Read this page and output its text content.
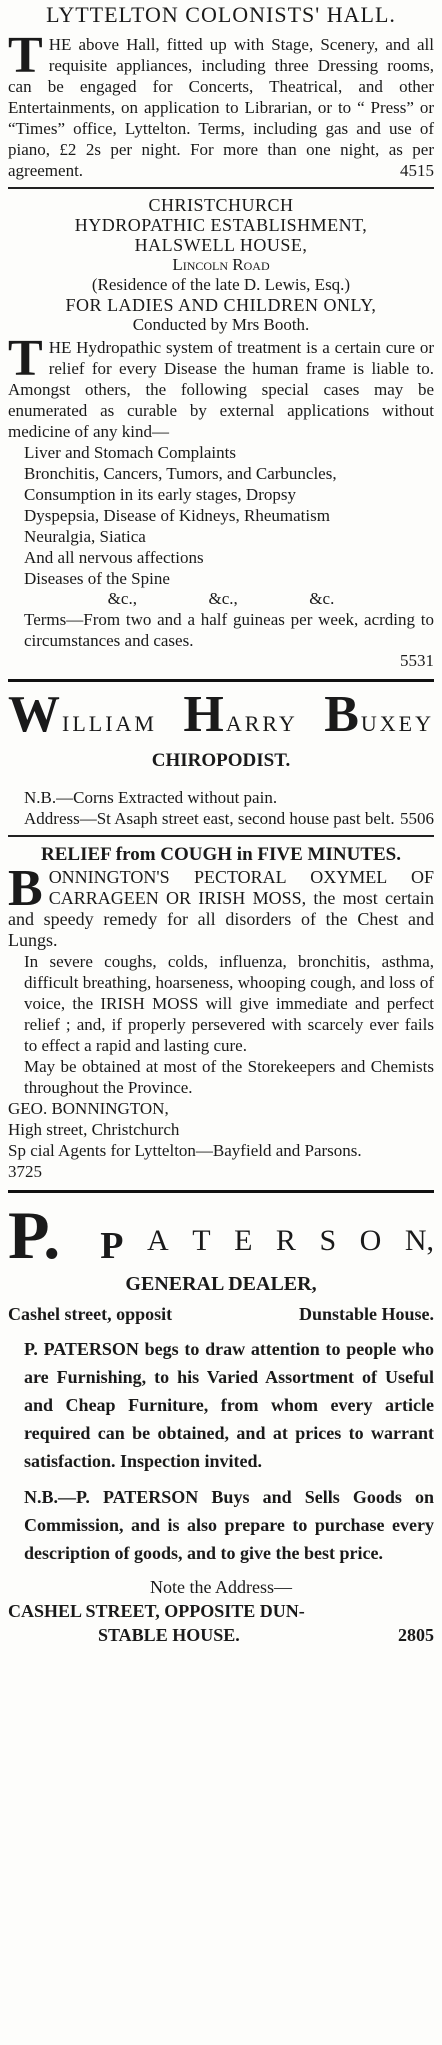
LYTTELTON COLONISTS' HALL.
THE above Hall, fitted up with Stage, Scenery, and all requisite appliances, including three Dressing rooms, can be engaged for Concerts, Theatrical, and other Entertainments, on application to Librarian, or to “ Press” or “Times” office, Lyttelton. Terms, including gas and use of piano, £2 2s per night. For more than one night, as per agreement.	4515
CHRISTCHURCH
HYDROPATHIC ESTABLISHMENT,
HALSWELL HOUSE,
Lincoln Road
(Residence of the late D. Lewis, Esq.)
FOR LADIES AND CHILDREN ONLY,
Conducted by Mrs Booth.
THE Hydropathic system of treatment is a certain cure or relief for every Disease the human frame is liable to. Amongst others, the following special cases may be enumerated as curable by external applications without medicine of any kind—
Liver and Stomach Complaints
Bronchitis, Cancers, Tumors, and Carbuncles,
Consumption in its early stages, Dropsy
Dyspepsia, Disease of Kidneys, Rheumatism
Neuralgia, Siatica
And all nervous affections
Diseases of the Spine
&c.,	&c.,	&c.
Terms—From two and a half guineas per week, acrding to circumstances and cases.
5531
WILLIAM HARRY BUXEY
CHIROPODIST.
N.B.—Corns Extracted without pain.
Address—St Asaph street east, second house past belt. 5506
RELIEF from COUGH in FIVE MINUTES.
BONNINGTON'S PECTORAL OXYMEL OF CARRAGEEN OR IRISH MOSS, the most certain and speedy remedy for all disorders of the Chest and Lungs.
In severe coughs, colds, influenza, bronchitis, asthma, difficult breathing, hoarseness, whooping cough, and loss of voice, the IRISH MOSS will give immediate and perfect relief ; and, if properly persevered with scarcely ever fails to effect a rapid and lasting cure.
May be obtained at most of the Storekeepers and Chemists throughout the Province.
GEO. BONNINGTON,
High street, Christchurch
Sp cial Agents for Lyttelton—Bayfield and Parsons.
3725
P. P A T E R S O N,
GENERAL DEALER,
Cashel street, opposit	Dunstable House.
P. PATERSON begs to draw attention to people who are Furnishing, to his Varied Assortment of Useful and Cheap Furniture, from whom every article required can be obtained, and at prices to warrant satisfaction. Inspection invited.
N.B.—P. PATERSON Buys and Sells Goods on Commission, and is also prepare to purchase every description of goods, and to give the best price.
Note the Address—
CASHEL STREET, OPPOSITE DUN-
STABLE HOUSE.	2805
